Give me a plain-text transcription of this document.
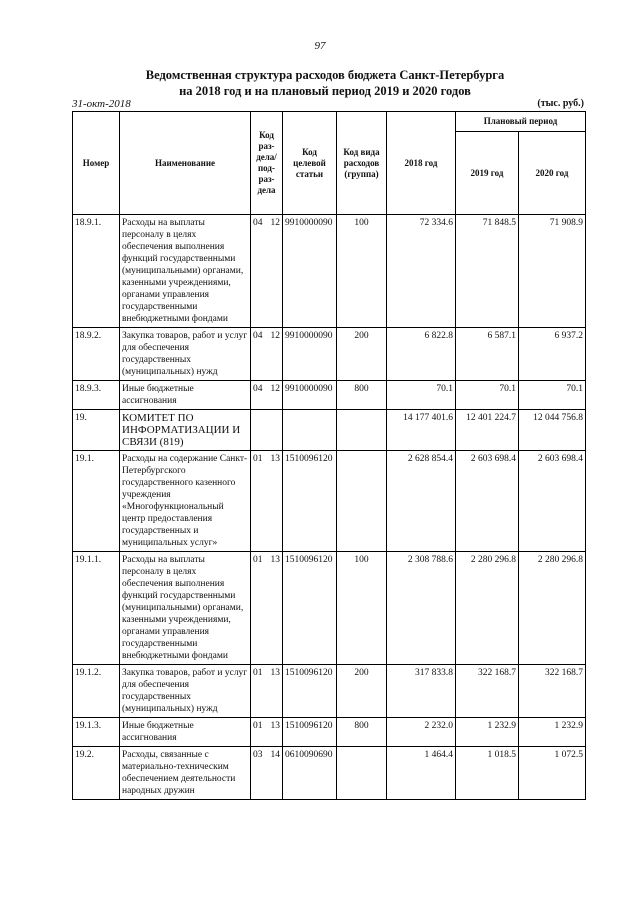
97
Ведомственная структура расходов бюджета Санкт-Петербурга
на 2018 год и на плановый период 2019 и 2020 годов
31-окт-2018	(тыс. руб.)
Номер	Наименование	Код раз-дела/ под-раз-дела	Код целевой статьи	Код вида расходов (группа)	2018 год	Плановый период	
						2019 год	2020 год
18.9.1.	Расходы на выплаты персоналу в целях обеспечения выполнения функций государственными (муниципальными) органами, казенными учреждениями, органами управления государственными внебюджетными фондами	04 12	9910000090	100	72 334.6	71 848.5	71 908.9
18.9.2.	Закупка товаров, работ и услуг для обеспечения государственных (муниципальных) нужд	04 12	9910000090	200	6 822.8	6 587.1	6 937.2
18.9.3.	Иные бюджетные ассигнования	04 12	9910000090	800	70.1	70.1	70.1
19.	КОМИТЕТ ПО ИНФОРМАТИЗАЦИИ И СВЯЗИ (819)				14 177 401.6	12 401 224.7	12 044 756.8
19.1.	Расходы на содержание Санкт-Петербургского государственного казенного учреждения «Многофункциональный центр предоставления государственных и муниципальных услуг»	01 13	1510096120		2 628 854.4	2 603 698.4	2 603 698.4
19.1.1.	Расходы на выплаты персоналу в целях обеспечения выполнения функций государственными (муниципальными) органами, казенными учреждениями, органами управления государственными внебюджетными фондами	01 13	1510096120	100	2 308 788.6	2 280 296.8	2 280 296.8
19.1.2.	Закупка товаров, работ и услуг для обеспечения государственных (муниципальных) нужд	01 13	1510096120	200	317 833.8	322 168.7	322 168.7
19.1.3.	Иные бюджетные ассигнования	01 13	1510096120	800	2 232.0	1 232.9	1 232.9
19.2.	Расходы, связанные с материально-техническим обеспечением деятельности народных дружин	03 14	0610090690		1 464.4	1 018.5	1 072.5
